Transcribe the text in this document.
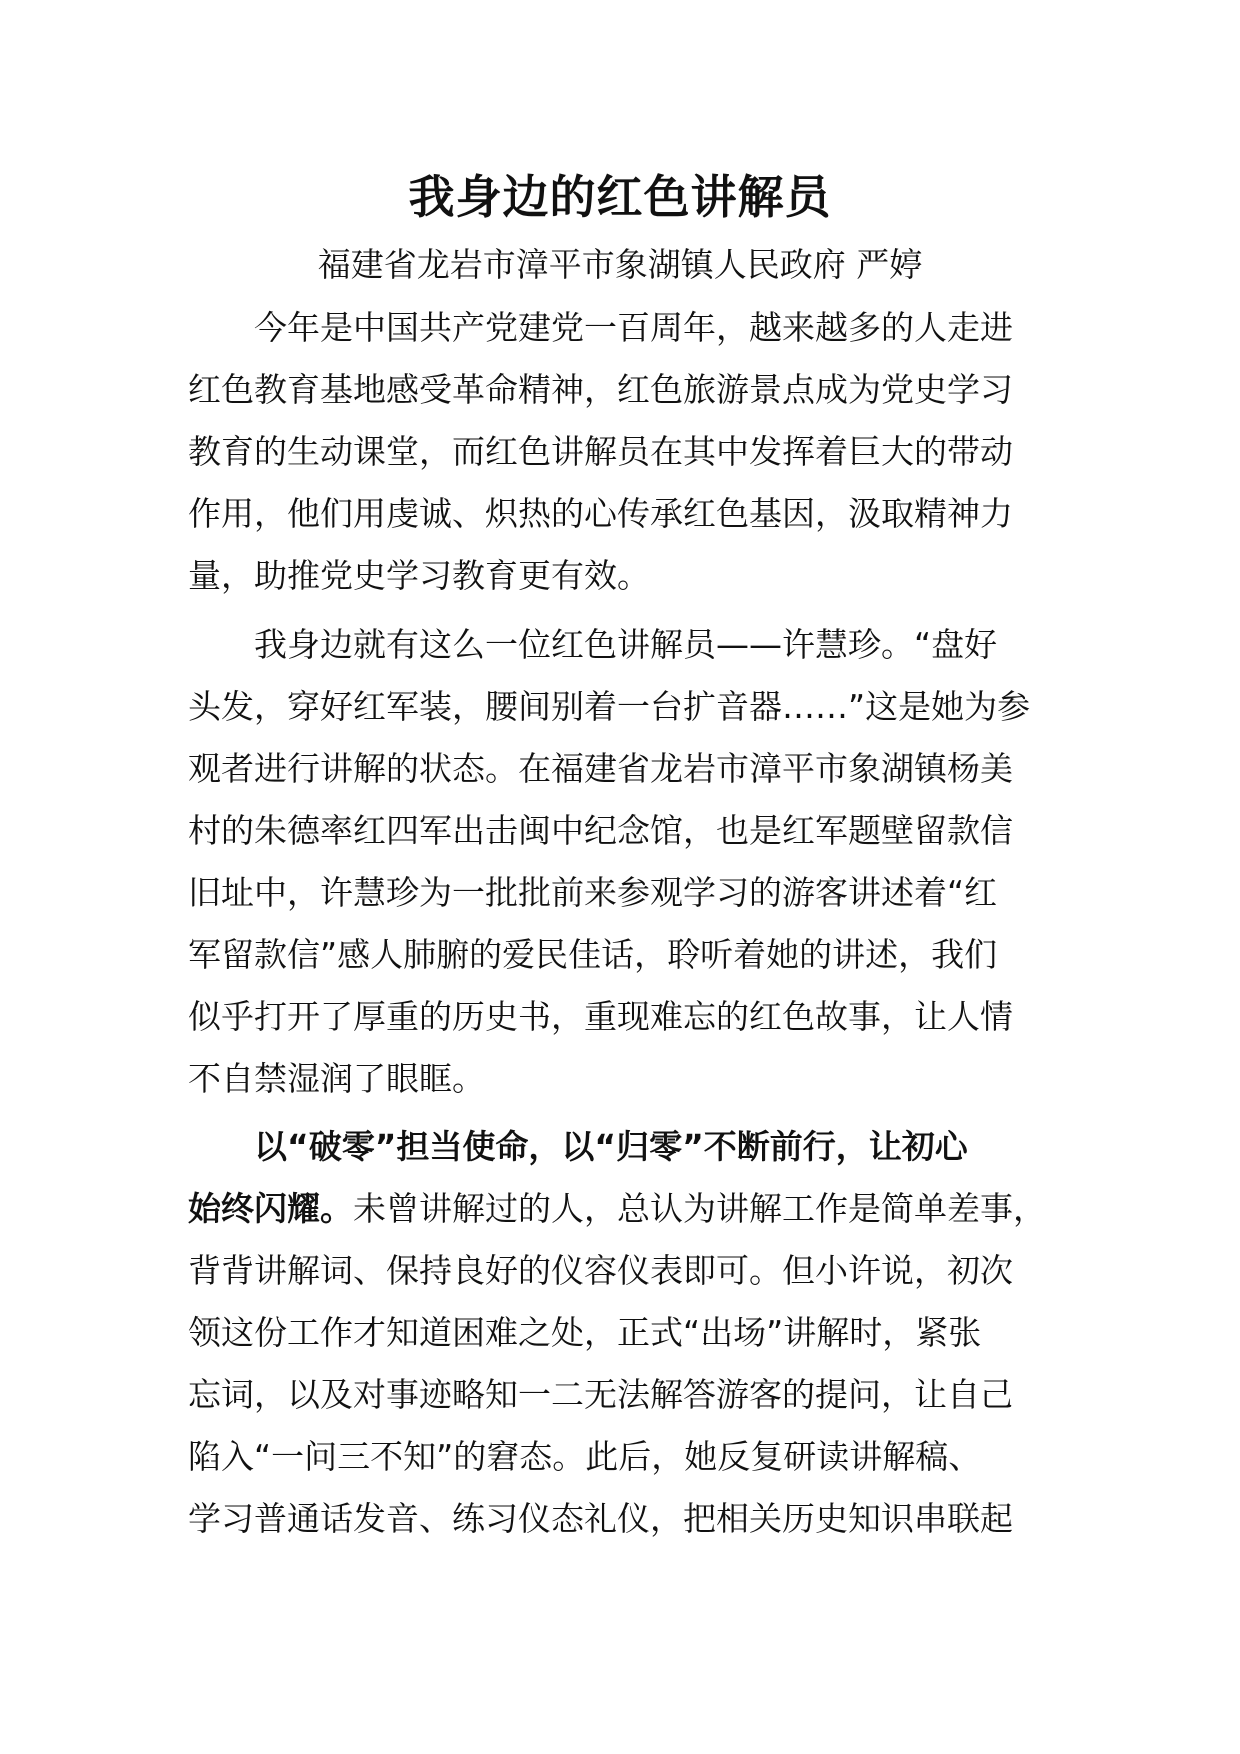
我身边的红色讲解员
福建省龙岩市漳平市象湖镇人民政府 严婷
今年是中国共产党建党一百周年，越来越多的人走进
红色教育基地感受革命精神，红色旅游景点成为党史学习
教育的生动课堂，而红色讲解员在其中发挥着巨大的带动
作用，他们用虔诚、炽热的心传承红色基因，汲取精神力
量，助推党史学习教育更有效。
我身边就有这么一位红色讲解员——许慧珍。“盘好
头发，穿好红军装，腰间别着一台扩音器……”这是她为参
观者进行讲解的状态。在福建省龙岩市漳平市象湖镇杨美
村的朱德率红四军出击闽中纪念馆，也是红军题壁留款信
旧址中，许慧珍为一批批前来参观学习的游客讲述着“红
军留款信”感人肺腑的爱民佳话，聆听着她的讲述，我们
似乎打开了厚重的历史书，重现难忘的红色故事，让人情
不自禁湿润了眼眶。
以“破零”担当使命，以“归零”不断前行，让初心
始终闪耀。未曾讲解过的人，总认为讲解工作是简单差事，
背背讲解词、保持良好的仪容仪表即可。但小许说，初次
领这份工作才知道困难之处，正式“出场”讲解时，紧张
忘词，以及对事迹略知一二无法解答游客的提问，让自己
陷入“一问三不知”的窘态。此后，她反复研读讲解稿、
学习普通话发音、练习仪态礼仪，把相关历史知识串联起
